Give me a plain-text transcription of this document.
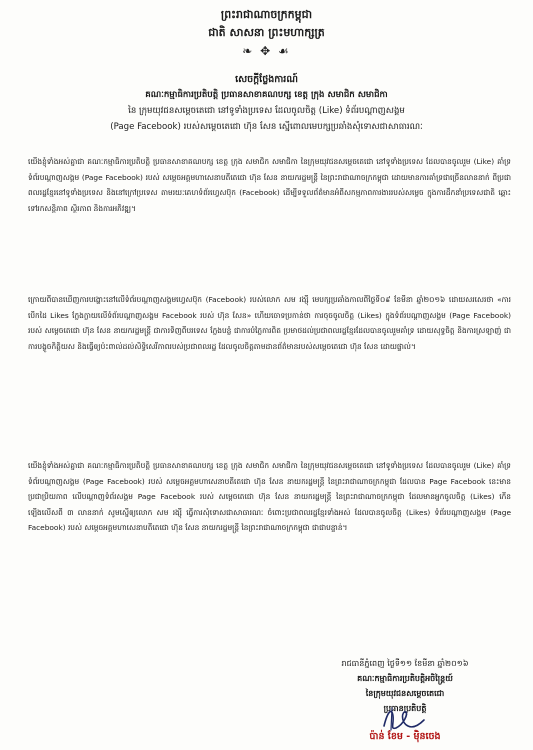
ព្រះរាជាណាចក្រកម្ពុជា
ជាតិ សាសនា ព្រះមហាក្សត្រ
❧ ✥ ☙
សេចក្តីថ្លែងការណ៍
គណៈកម្មាធិការប្រតិបត្តិ ប្រធានសាខាគណបក្ស ខេត្ត ក្រុង សមាជិក សមាជិកា
នៃ ក្រុមយុវជនសម្តេចតេជោ នៅទូទាំងប្រទេស ដែលចូលចិត្ត (Like) ទំព័របណ្តាញសង្គម
(Page Facebook) របស់សម្តេចតេជោ ហ៊ុន សែន ស្នើពោលមេបក្សប្រឆាំងសុំទោសជាសាធារណៈ
យើងខ្ញុំទាំងអស់គ្នាជា គណៈកម្មាធិការប្រតិបត្តិ ប្រធានសាខាគណបក្ស ខេត្ត ក្រុង សមាជិក សមាជិកា នៃក្រុមយុវជនសម្តេចតេជោ នៅទូទាំងប្រទេស ដែលបានចូលរួម (Like) គាំទ្រទំព័របណ្តាញសង្គម (Page Facebook) របស់ សម្តេចអគ្គមហាសេនាបតីតេជោ ហ៊ុន សែន នាយករដ្ឋមន្ត្រី នៃព្រះរាជាណាចក្រកម្ពុជា ដោយមានការគាំទ្រជាច្រើនលាននាក់ ពីប្រជាពលរដ្ឋខ្មែរនៅទូទាំងប្រទេស និងនៅក្រៅប្រទេស តាមរយៈគេហទំព័រហ្វេសប៊ុក (Facebook) ដើម្បីទទួលព័ត៌មានអំពីសកម្មភាពការងាររបស់សម្តេច ក្នុងការដឹកនាំប្រទេសជាតិ ឆ្ពោះទៅរកសន្តិភាព ស្ថិរភាព និងការអភិវឌ្ឍ។
ក្រោយពីបានឃើញការបង្ហោះនៅលើទំព័របណ្តាញសង្គមហ្វេសប៊ុក (Facebook) របស់លោក សម រង្ស៊ី មេបក្សប្រឆាំងកាលពីថ្ងៃទី០៩ ខែមីនា ឆ្នាំ២០១៦ ដោយសរសេរថា «ការបើកដៃ Likes ក្លែងក្លាយលើទំព័របណ្តាញសង្គម Facebook របស់ ហ៊ុន សែន» ហើយចោទប្រកាន់ថា ការចុចចូលចិត្ត (Likes) ក្នុងទំព័របណ្តាញសង្គម (Page Facebook) របស់ សម្តេចតេជោ ហ៊ុន សែន នាយករដ្ឋមន្ត្រី ជាការទិញពីបរទេស ក្លែងបន្លំ ជាការបំភ្លៃការពិត ប្រមាថដល់ប្រជាពលរដ្ឋខ្មែរដែលបានចូលរួមគាំទ្រ ដោយសុទ្ធចិត្ត និងការស្រឡាញ់ ជាការបង្ខូចកិត្តិយស និងធ្វើឲ្យប៉ះពាល់ដល់សិទ្ធិសេរីភាពរបស់ប្រជាពលរដ្ឋ ដែលចូលចិត្តតាមដានព័ត៌មានរបស់សម្តេចតេជោ ហ៊ុន សែន ដោយផ្ទាល់។
យើងខ្ញុំទាំងអស់គ្នាជា គណៈកម្មាធិការប្រតិបត្តិ ប្រធានសាខាគណបក្ស ខេត្ត ក្រុង សមាជិក សមាជិកា នៃក្រុមយុវជនសម្តេចតេជោ នៅទូទាំងប្រទេស ដែលបានចូលរួម (Like) គាំទ្រទំព័របណ្តាញសង្គម (Page Facebook) របស់ សម្តេចអគ្គមហាសេនាបតីតេជោ ហ៊ុន សែន នាយករដ្ឋមន្ត្រី នៃព្រះរាជាណាចក្រកម្ពុជា ដែលបាន Page Facebook នេះមានប្រជាប្រិយភាព លើបណ្តាញទំព័រសង្គម Page Facebook របស់ សម្តេចតេជោ ហ៊ុន សែន នាយករដ្ឋមន្ត្រី នៃព្រះរាជាណាចក្រកម្ពុជា ដែលមានអ្នកចូលចិត្ត (Likes) កើនឡើងលើសពី ៣ លាននាក់ សូមស្នើឲ្យលោក សម រង្ស៊ី ធ្វើការសុំទោសជាសាធារណៈ ចំពោះប្រជាពលរដ្ឋខ្មែរទាំងអស់ ដែលបានចូលចិត្ត (Likes) ទំព័របណ្តាញសង្គម (Page Facebook) របស់ សម្តេចអគ្គមហាសេនាបតីតេជោ ហ៊ុន សែន នាយករដ្ឋមន្ត្រី នៃព្រះរាជាណាចក្រកម្ពុជា ជាជាបន្ទាន់។
រាជធានីភ្នំពេញ ថ្ងៃទី១១ ខែមីនា ឆ្នាំ២០១៦
គណៈកម្មាធិការប្រតិបត្តិអចិន្ត្រៃយ៍
នៃក្រុមយុវជនសម្តេចតេជោ
ប្រធានប្រតិបត្តិ
ប៉ាន់ ខែម - ម៉ិនចេង
